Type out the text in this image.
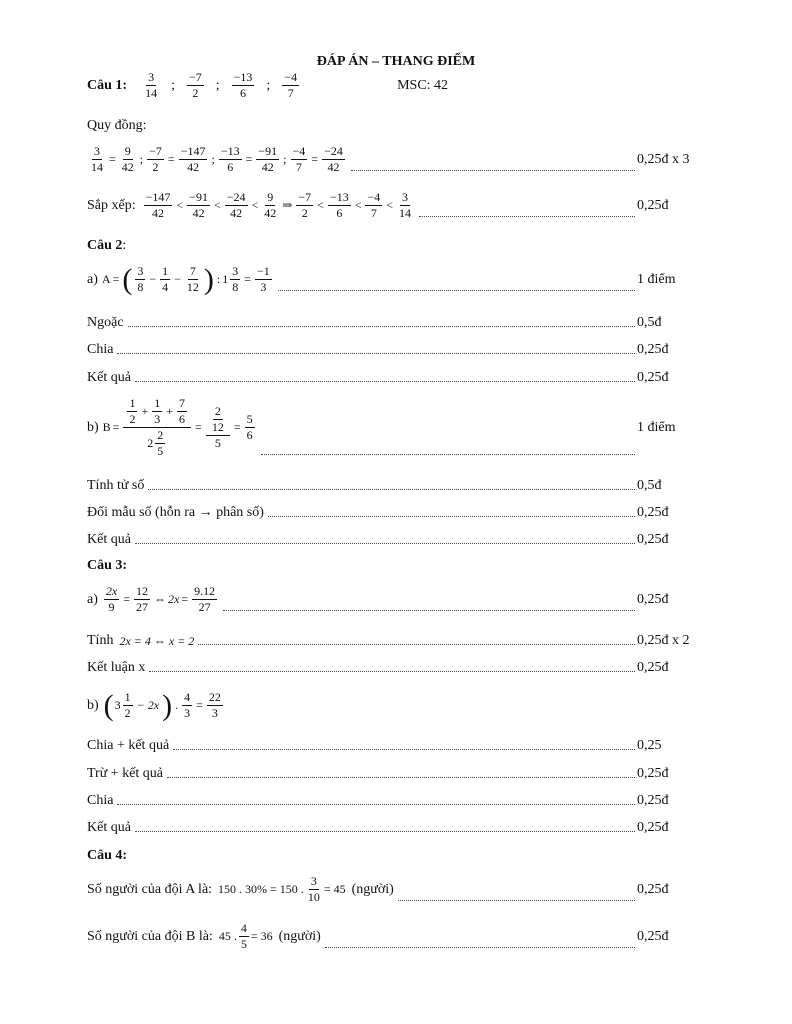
ĐÁP ÁN – THANG ĐIỂM
Câu 1: $\frac{3}{14}$ ; $\frac{-7}{2}$ ; $\frac{-13}{6}$ ; $\frac{-4}{7}$	MSC: 42
Quy đồng:
$\frac{3}{14} = \frac{9}{42}$ ; $\frac{-7}{2} = \frac{-147}{42}$ ; $\frac{-13}{6} = \frac{-91}{42}$ ; $\frac{-4}{7} = \frac{-24}{42}$	0,25đ x 3
Sắp xếp: $\frac{-147}{42} < \frac{-91}{42} < \frac{-24}{42} < \frac{9}{42}$ ⇒ $\frac{-7}{2} < \frac{-13}{6} < \frac{-4}{7} < \frac{3}{14}$	0,25đ
Câu 2 :
a) A = ( $\frac{3}{8} - \frac{1}{4} - \frac{7}{12}$ ) : $1 \frac{3}{8} = \frac{-1}{3}$	1 điểm
Ngoặc	0,5đ
Chia	0,25đ
Kết quả	0,25đ
b) $B = \frac{\frac{1}{2} + \frac{1}{3} + \frac{7}{6}}{2 \frac{2}{5}} = \frac{\frac{2}{12}}{5} = \frac{5}{6}$	1 điểm
Tính tử số	0,5đ
Đổi mẫu số (hỗn ra → phân số)	0,25đ
Kết quả	0,25đ
Câu 3:
$a) \frac{2x}{9} = \frac{12}{27}$ ⇔ $2x = \frac{9.12}{27}$	0,25đ
Tính 2x = 4 ⇔ x = 2	0,25đ x 2
Kết luận x	0,25đ
b) ( $3 \frac{1}{2} - 2x$ ) . $\frac{4}{3} = \frac{22}{3}$
Chia + kết quả	0,25
Trừ + kết quả	0,25đ
Chia	0,25đ
Kết quả	0,25đ
Câu 4:
Số người của đội A là: 150 . 30% = 150 . $\frac{3}{10} = 45$ (người)	0,25đ
Số người của đội B là: 45 . $\frac{4}{5} = 36$ (người)	0,25đ
